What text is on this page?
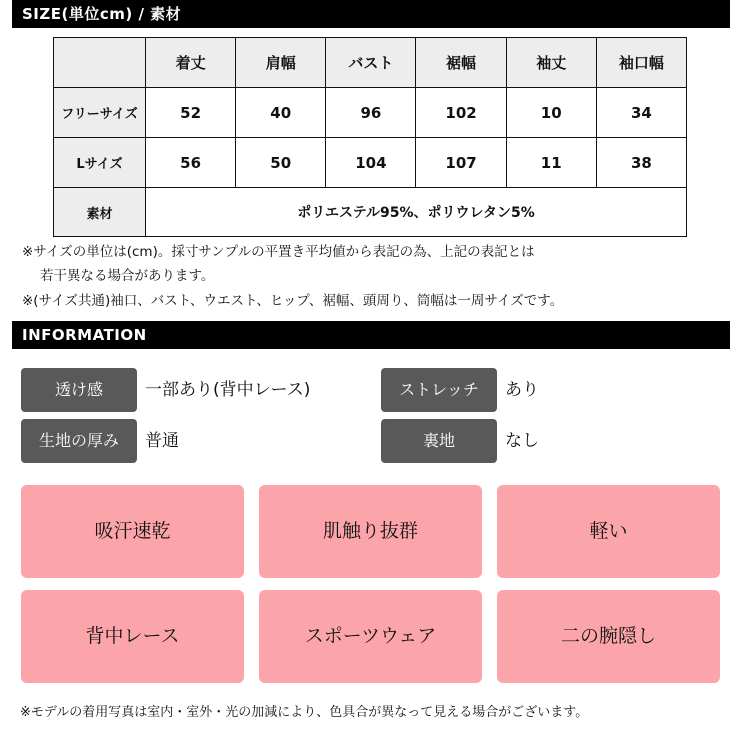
SIZE(単位cm) / 素材
	着丈	肩幅	バスト	裾幅	袖丈	袖口幅
フリーサイズ	52	40	96	102	10	34
Lサイズ	56	50	104	107	11	38
素材	ポリエステル95%、ポリウレタン5%					
※サイズの単位は(cm)。採寸サンプルの平置き平均値から表記の為、上記の表記とは
若干異なる場合があります。
※(サイズ共通)袖口、バスト、ウエスト、ヒップ、裾幅、頭周り、筒幅は一周サイズです。
INFORMATION
透け感	一部あり(背中レース)	ストレッチ	あり
生地の厚み	普通	裏地	なし
吸汗速乾	肌触り抜群	軽い
背中レース	スポーツウェア	二の腕隠し
※モデルの着用写真は室内・室外・光の加減により、色具合が異なって見える場合がございます。
